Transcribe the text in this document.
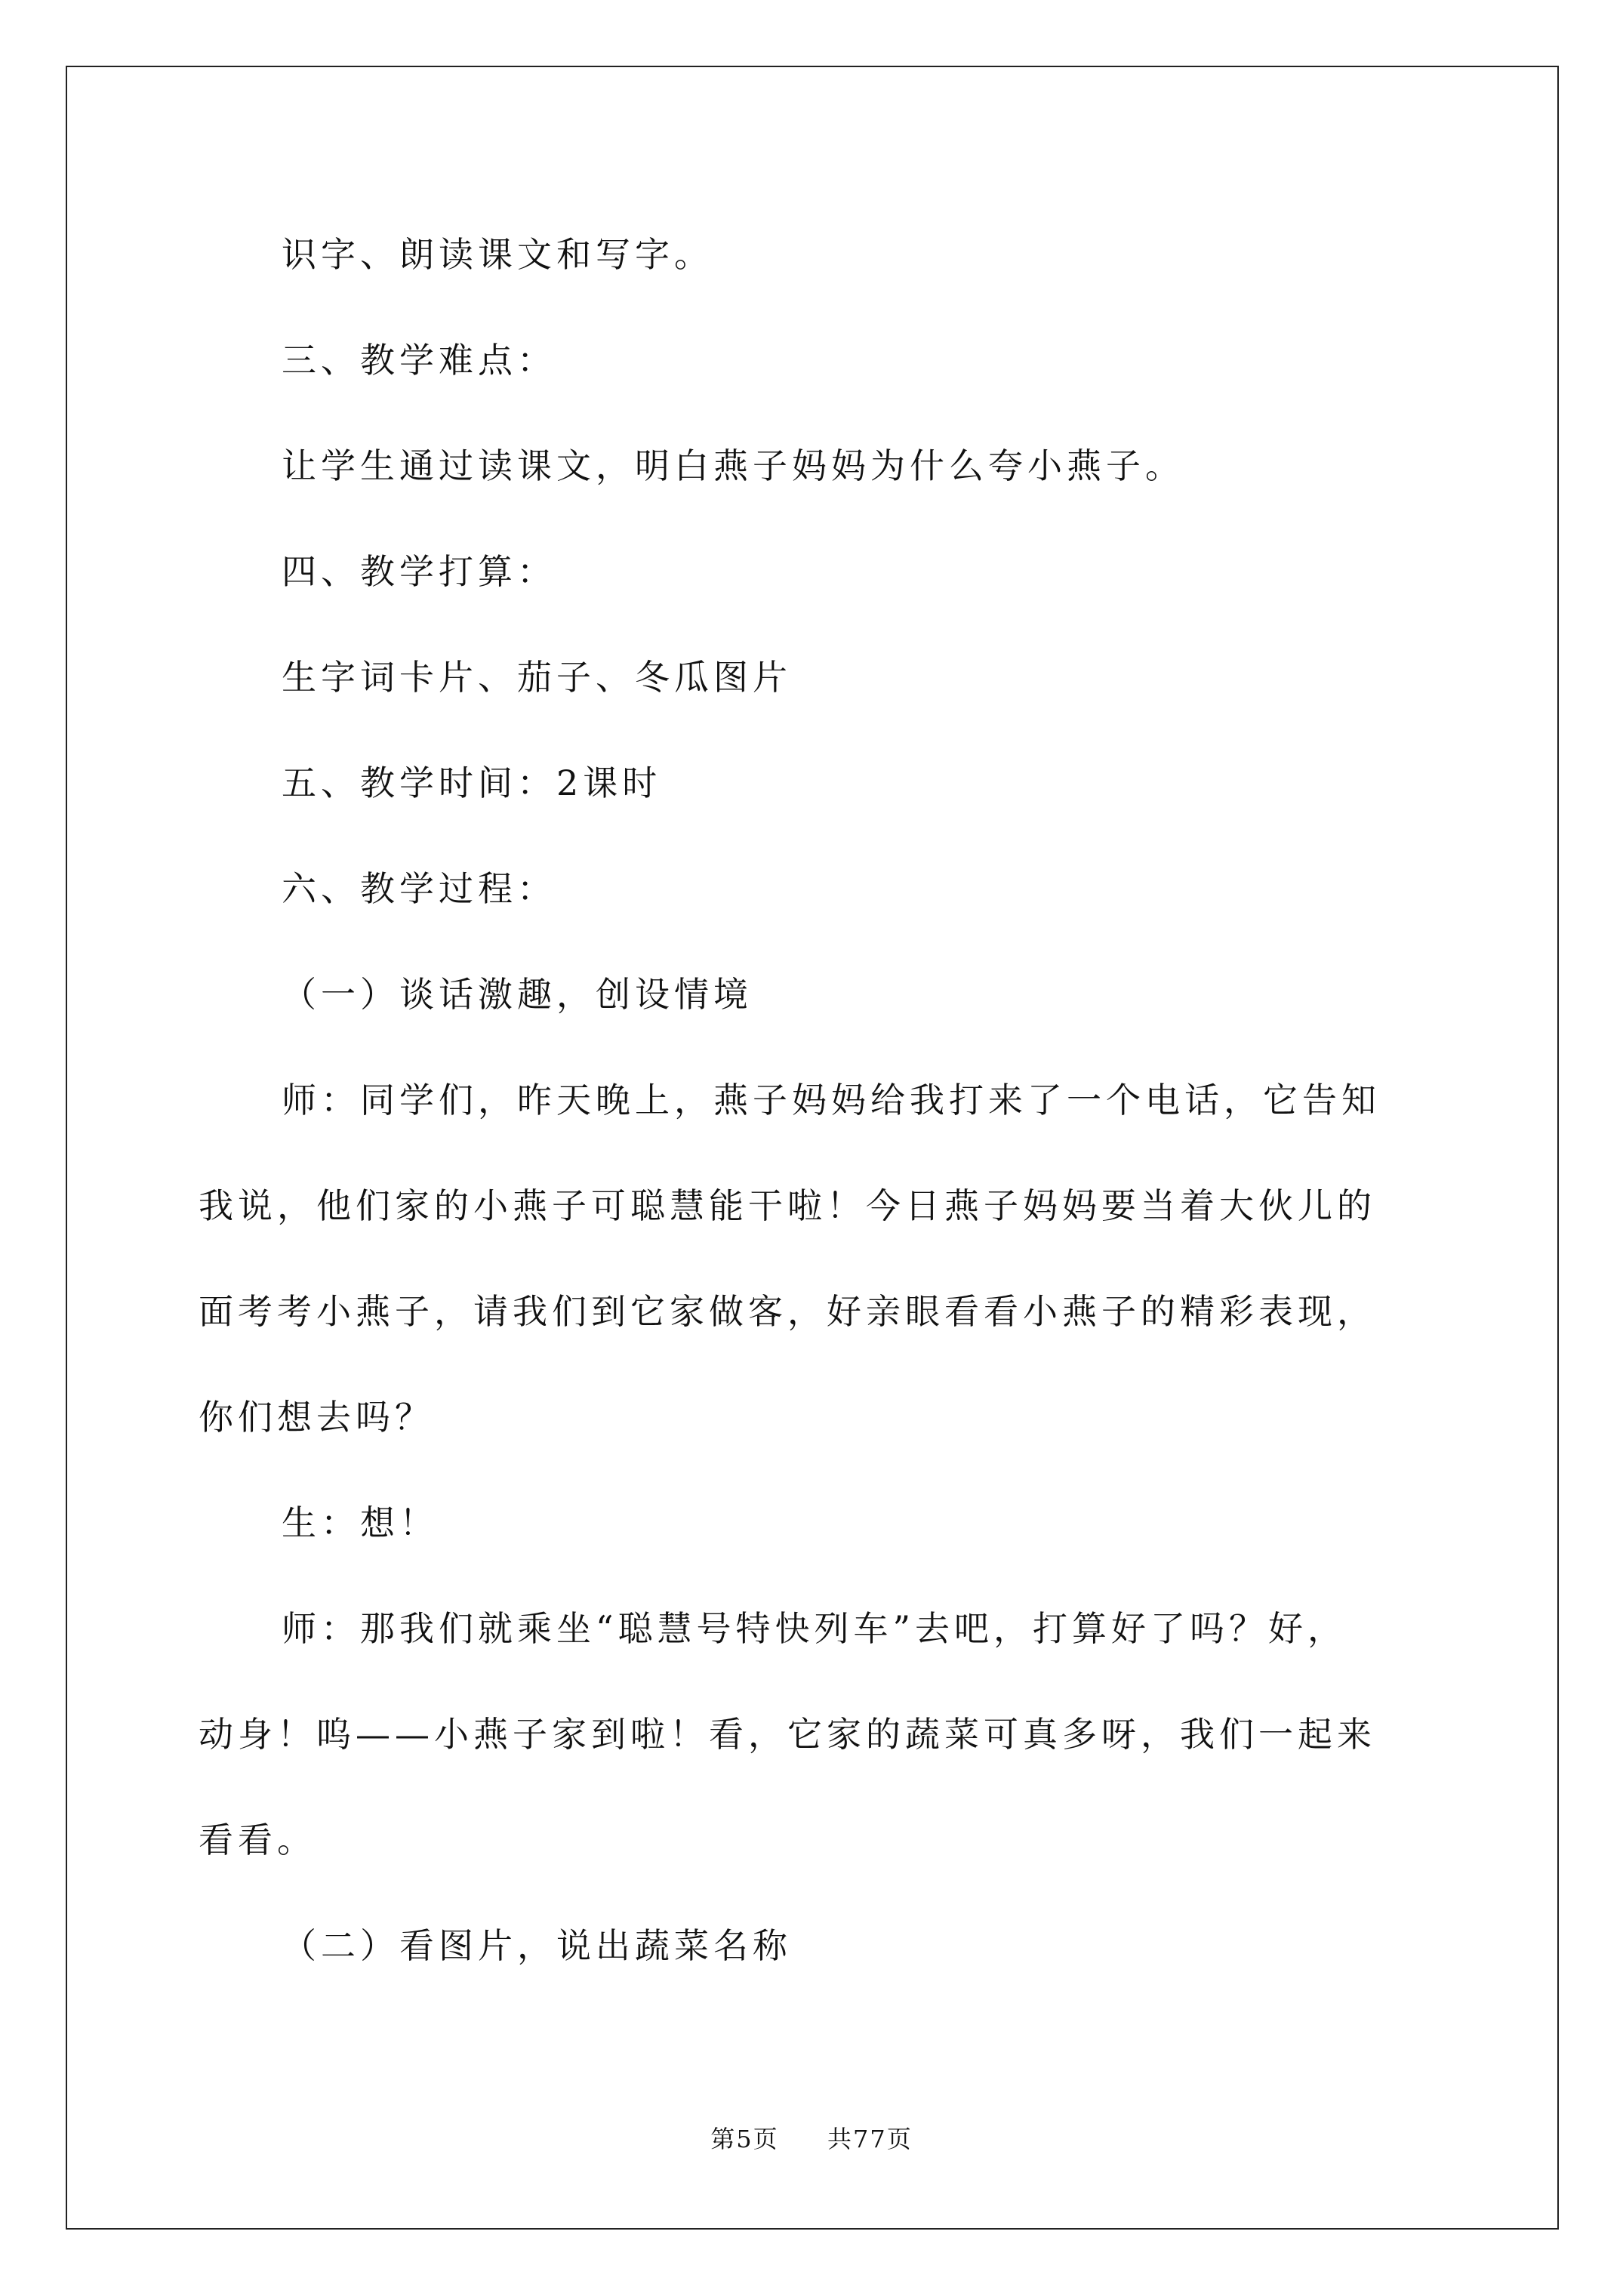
识字、朗读课文和写字。
三、教学难点：
让学生通过读课文，明白燕子妈妈为什么夸小燕子。
四、教学打算：
生字词卡片、茄子、冬瓜图片
五、教学时间：2课时
六、教学过程：
（一）谈话激趣，创设情境
师：同学们，昨天晚上，燕子妈妈给我打来了一个电话，它告知
我说，他们家的小燕子可聪慧能干啦！今日燕子妈妈要当着大伙儿的
面考考小燕子，请我们到它家做客，好亲眼看看小燕子的精彩表现，
你们想去吗？
生：想！
师：那我们就乘坐“聪慧号特快列车”去吧，打算好了吗？好，
动身！呜——小燕子家到啦！看，它家的蔬菜可真多呀，我们一起来
看看。
（二）看图片，说出蔬菜名称
第5页 共77页
